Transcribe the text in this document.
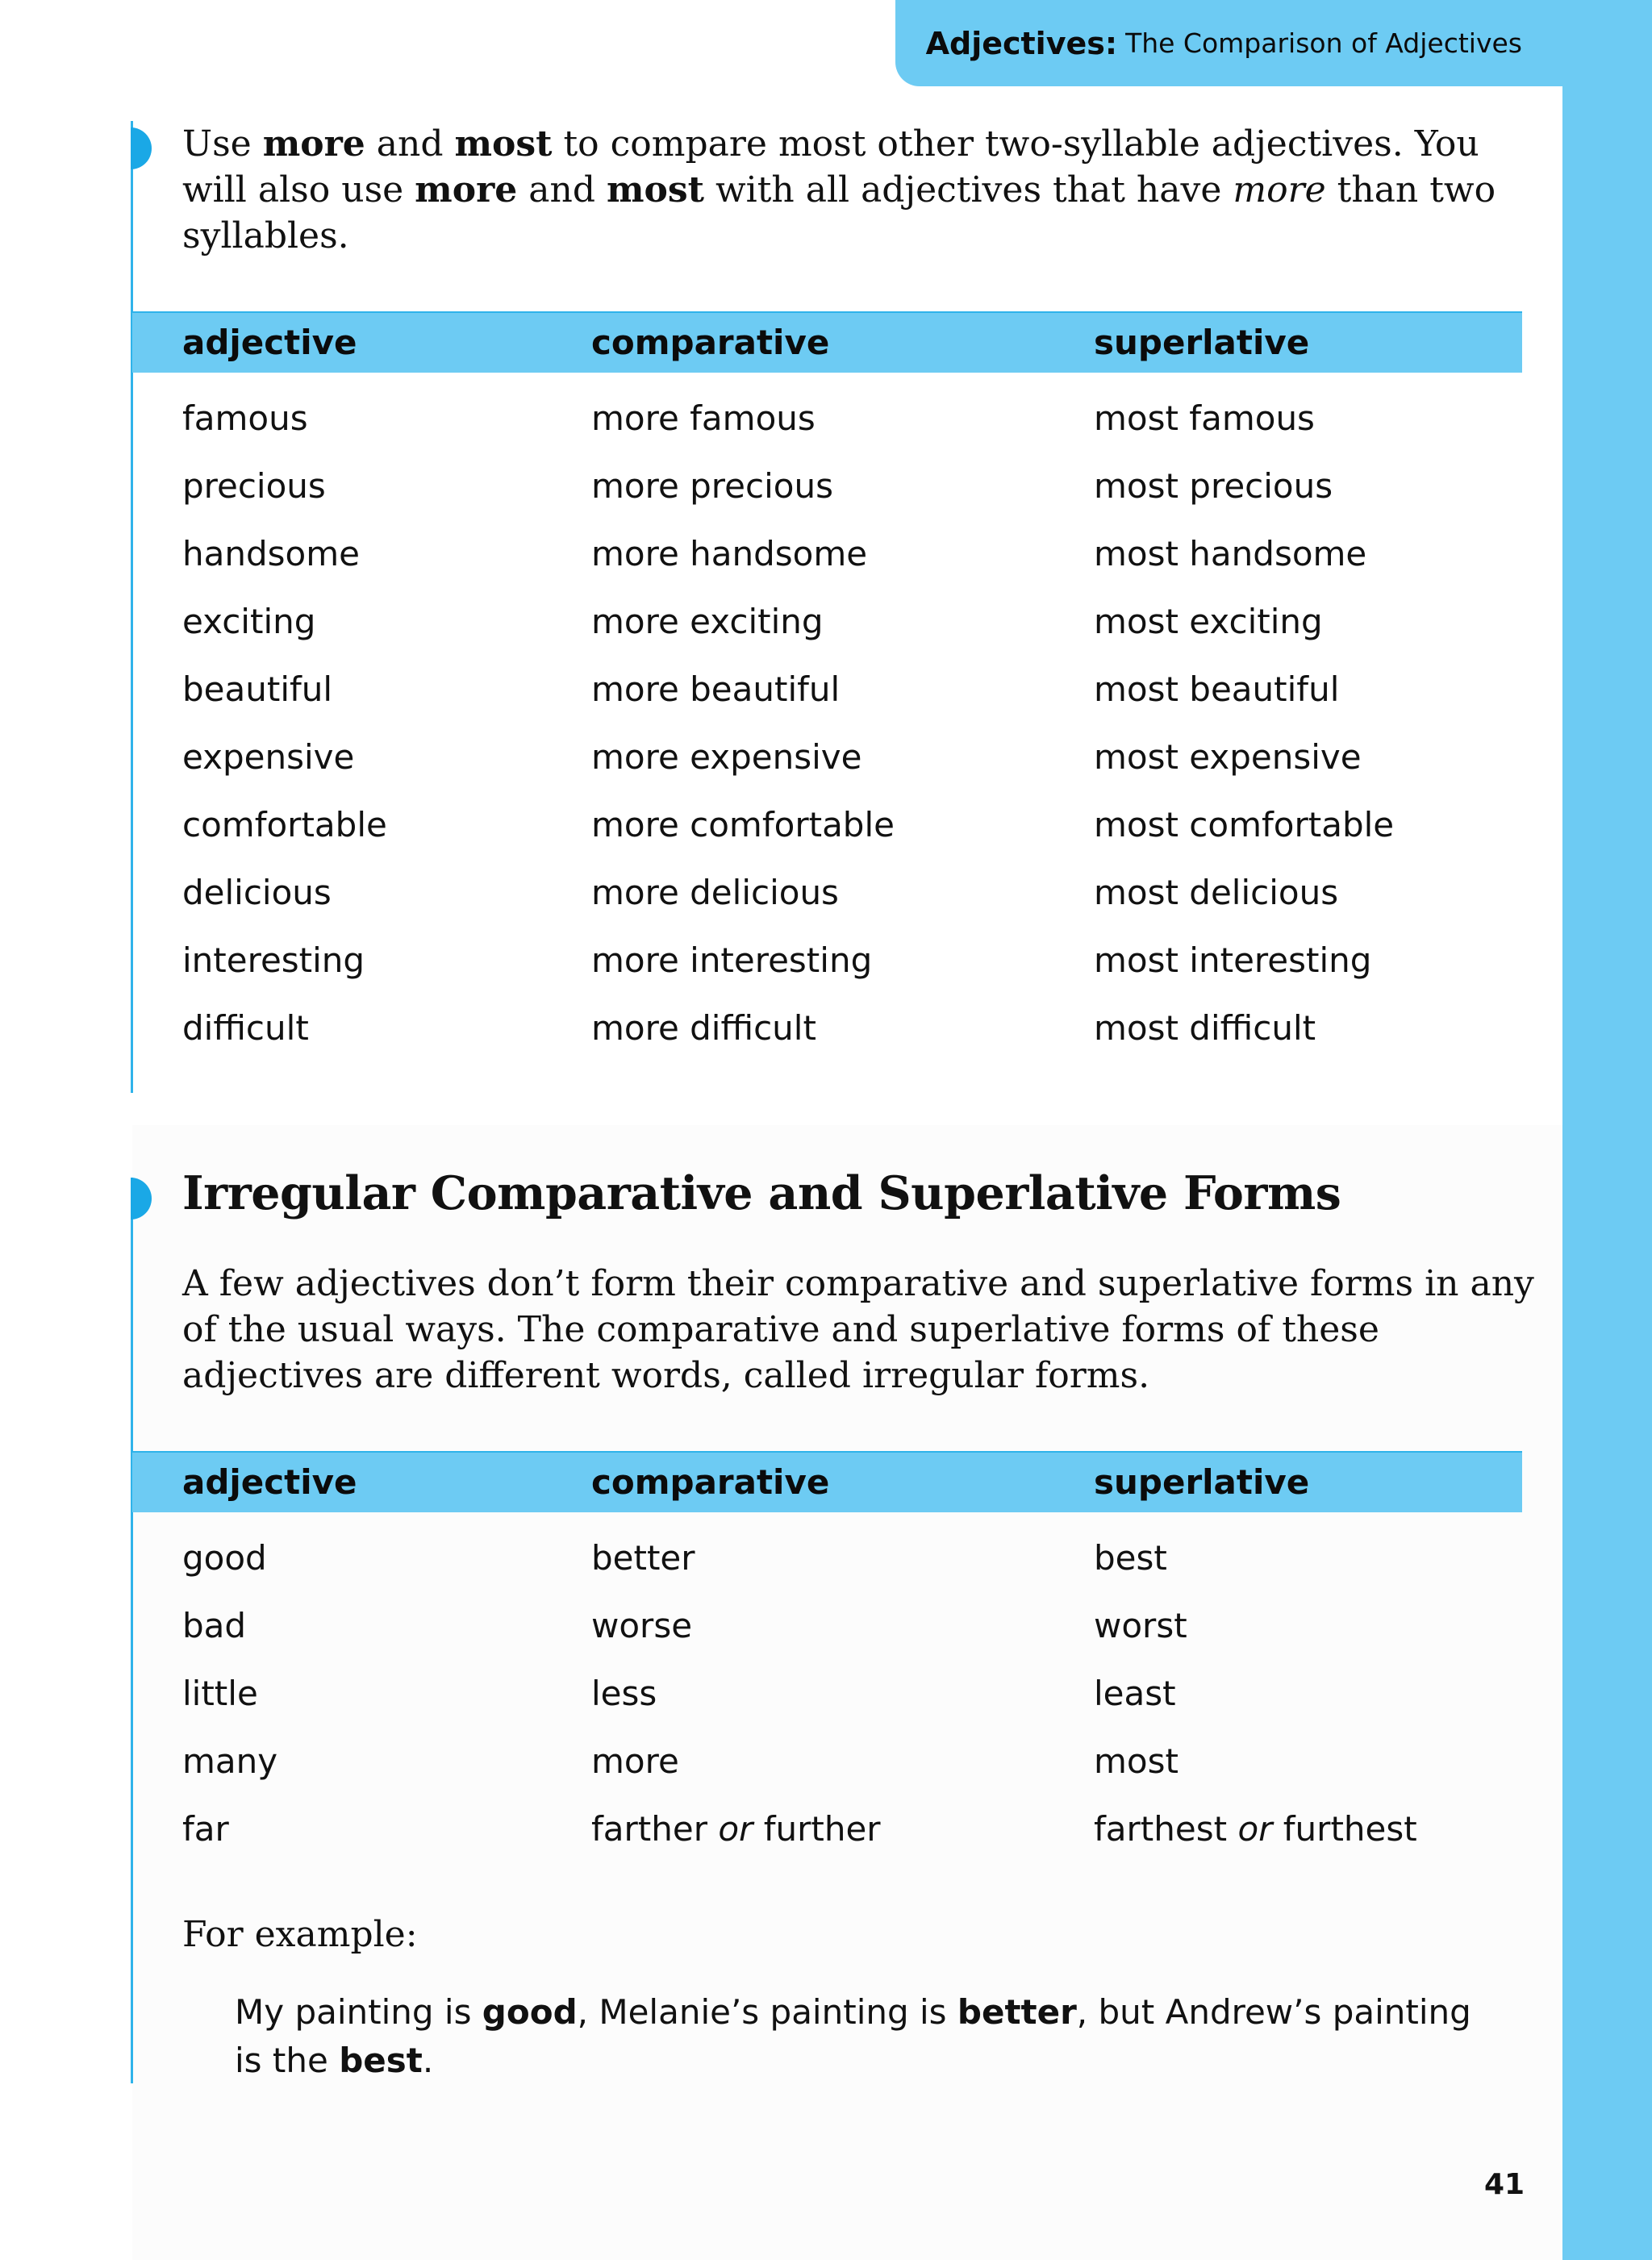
Adjectives: The Comparison of Adjectives
Use more and most to compare most other two-syllable adjectives. You will also use more and most with all adjectives that have more than two syllables.
adjective	comparative	superlative
famous	more famous	most famous
precious	more precious	most precious
handsome	more handsome	most handsome
exciting	more exciting	most exciting
beautiful	more beautiful	most beautiful
expensive	more expensive	most expensive
comfortable	more comfortable	most comfortable
delicious	more delicious	most delicious
interesting	more interesting	most interesting
difficult	more difficult	most difficult
Irregular Comparative and Superlative Forms
A few adjectives don’t form their comparative and superlative forms in any of the usual ways. The comparative and superlative forms of these adjectives are different words, called irregular forms.
adjective	comparative	superlative
good	better	best
bad	worse	worst
little	less	least
many	more	most
far	farther or further	farthest or furthest
For example:
My painting is good, Melanie’s painting is better, but Andrew’s painting is the best.
41
